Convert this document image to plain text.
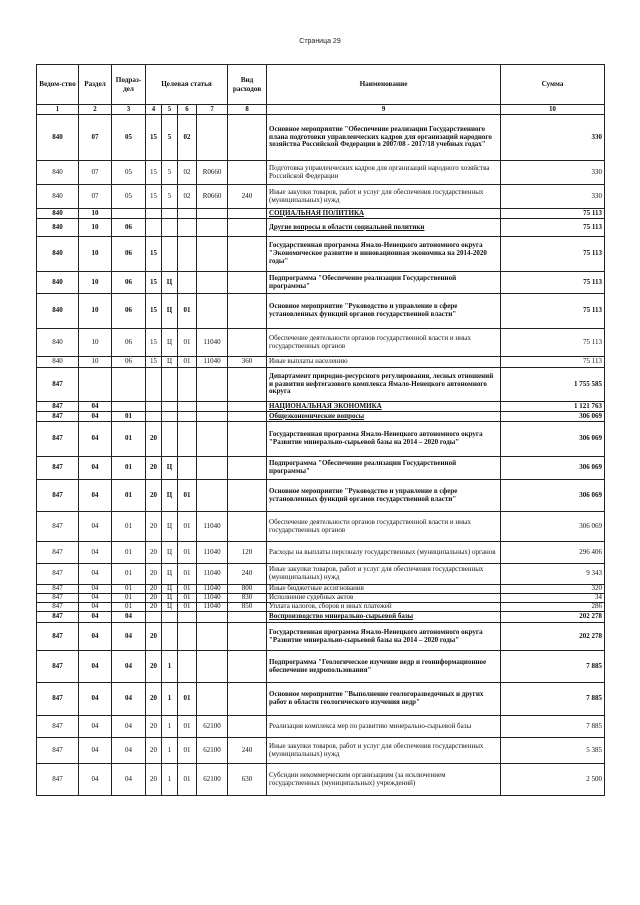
Страница 29
Ведом-ство	Раздел	Подраз-дел	Целевая статья				Вид расходов	Наименование	Сумма
1	2	3	4	5	6	7	8	9	10
840	07	05	15	5	02			Основное мероприятие "Обеспечение реализации Государственного плана подготовки управленческих кадров для организаций народного хозяйства Российской Федерации в 2007/08 - 2017/18 учебных годах"	330
840	07	05	15	5	02	R0660		Подготовка управленческих кадров для организаций народного хозяйства Российской Федерации	330
840	07	05	15	5	02	R0660	240	Иные закупки товаров, работ и услуг для обеспечения государственных (муниципальных) нужд	330
840	10							СОЦИАЛЬНАЯ ПОЛИТИКА	75 113
840	10	06						Другие вопросы в области социальной политики	75 113
840	10	06	15					Государственная программа Ямало-Ненецкого автономного округа "Экономическое развитие и инновационная экономика на 2014-2020 годы"	75 113
840	10	06	15	Ц				Подпрограмма "Обеспечение реализации Государственной программы"	75 113
840	10	06	15	Ц	01			Основное мероприятие "Руководство и управление в сфере установленных функций органов государственной власти"	75 113
840	10	06	15	Ц	01	11040		Обеспечение деятельности органов государственной власти и иных государственных органов	75 113
840	10	06	15	Ц	01	11040	360	Иные выплаты населению	75 113
847								Департамент природно-ресурсного регулирования, лесных отношений и развития нефтегазового комплекса Ямало-Ненецкого автономного округа	1 755 585
847	04							НАЦИОНАЛЬНАЯ ЭКОНОМИКА	1 121 763
847	04	01						Общеэкономические вопросы	306 069
847	04	01	20					Государственная программа Ямало-Ненецкого автономного округа "Развитие минерально-сырьевой базы на 2014 – 2020 годы"	306 069
847	04	01	20	Ц				Подпрограмма "Обеспечение реализации Государственной программы"	306 069
847	04	01	20	Ц	01			Основное мероприятие "Руководство и управление в сфере установленных функций органов государственной власти"	306 069
847	04	01	20	Ц	01	11040		Обеспечение деятельности органов государственной власти и иных государственных органов	306 069
847	04	01	20	Ц	01	11040	120	Расходы на выплаты персоналу государственных (муниципальных) органов	296 406
847	04	01	20	Ц	01	11040	240	Иные закупки товаров, работ и услуг для обеспечения государственных (муниципальных) нужд	9 343
847	04	01	20	Ц	01	11040	800	Иные бюджетные ассигнования	320
847	04	01	20	Ц	01	11040	830	Исполнение судебных актов	34
847	04	01	20	Ц	01	11040	850	Уплата налогов, сборов и иных платежей	286
847	04	04						Воспроизводство минерально-сырьевой базы	202 278
847	04	04	20					Государственная программа Ямало-Ненецкого автономного округа "Развитие минерально-сырьевой базы на 2014 – 2020 годы"	202 278
847	04	04	20	1				Подпрограмма "Геологическое изучение недр и геоинформационное обеспечение недропользования"	7 885
847	04	04	20	1	01			Основное мероприятие "Выполнение геологоразведочных и других работ в области геологического изучения недр"	7 885
847	04	04	20	1	01	62100		Реализация комплекса мер по развитию минерально-сырьевой базы	7 885
847	04	04	20	1	01	62100	240	Иные закупки товаров, работ и услуг для обеспечения государственных (муниципальных) нужд	5 385
847	04	04	20	1	01	62100	630	Субсидии некоммерческим организациям (за исключением государственных (муниципальных) учреждений)	2 500
